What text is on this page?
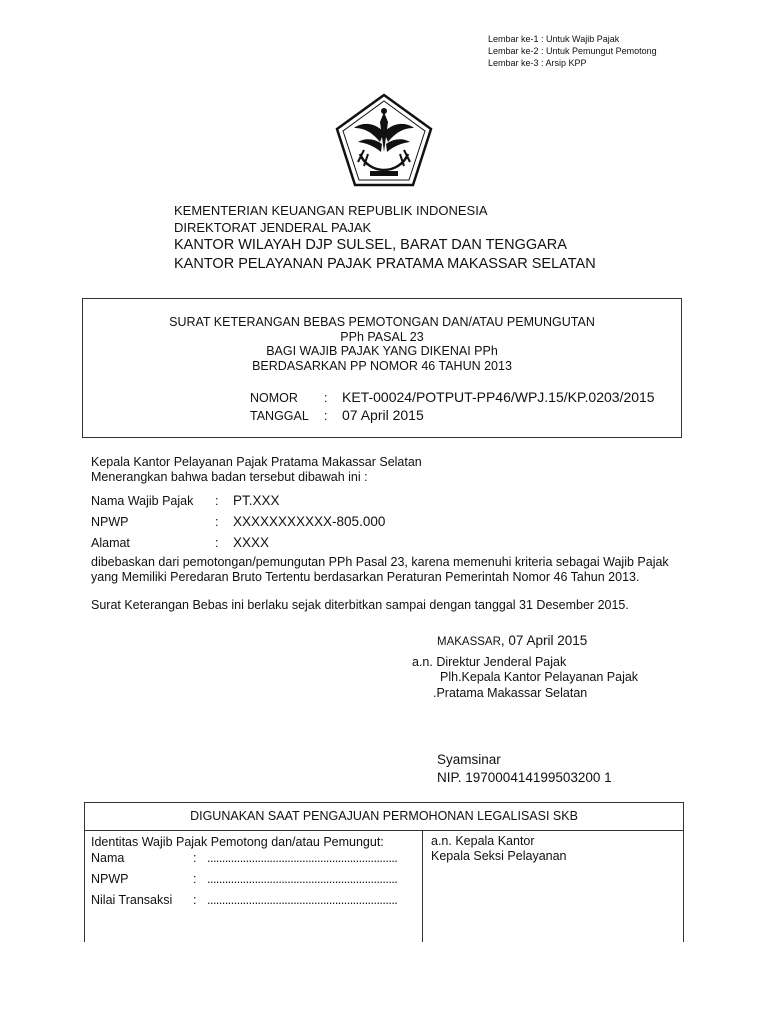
Lembar ke-1 : Untuk Wajib Pajak
Lembar ke-2 : Untuk Pemungut Pemotong
Lembar ke-3 : Arsip KPP
KEMENTERIAN KEUANGAN REPUBLIK INDONESIA
DIREKTORAT JENDERAL PAJAK
KANTOR WILAYAH DJP SULSEL, BARAT DAN TENGGARA
KANTOR PELAYANAN PAJAK PRATAMA MAKASSAR SELATAN
SURAT KETERANGAN BEBAS PEMOTONGAN DAN/ATAU PEMUNGUTAN
PPh PASAL 23
BAGI WAJIB PAJAK YANG DIKENAI PPh
BERDASARKAN PP NOMOR 46 TAHUN 2013
NOMOR	:	KET-00024/POTPUT-PP46/WPJ.15/KP.0203/2015
TANGGAL	:	07 April 2015
Kepala Kantor Pelayanan Pajak Pratama Makassar Selatan
Menerangkan bahwa badan tersebut dibawah ini :
Nama Wajib Pajak	:	PT.XXX
NPWP	:	XXXXXXXXXXX-805.000
Alamat	:	XXXX
dibebaskan dari pemotongan/pemungutan PPh Pasal 23, karena memenuhi kriteria sebagai Wajib Pajak
yang Memiliki Peredaran Bruto Tertentu berdasarkan Peraturan Pemerintah Nomor 46 Tahun 2013.
Surat Keterangan Bebas ini berlaku sejak diterbitkan sampai dengan tanggal 31 Desember 2015.
MAKASSAR, 07 April 2015
a.n. Direktur Jenderal Pajak
Plh.Kepala Kantor Pelayanan Pajak
.Pratama Makassar Selatan
Syamsinar
NIP. 197000414199503200 1
DIGUNAKAN SAAT PENGAJUAN PERMOHONAN LEGALISASI SKB
Identitas Wajib Pajak Pemotong dan/atau Pemungut:
Nama	: ................................................................
NPWP	: ................................................................
Nilai Transaksi	: ................................................................
a.n. Kepala Kantor
Kepala Seksi Pelayanan
